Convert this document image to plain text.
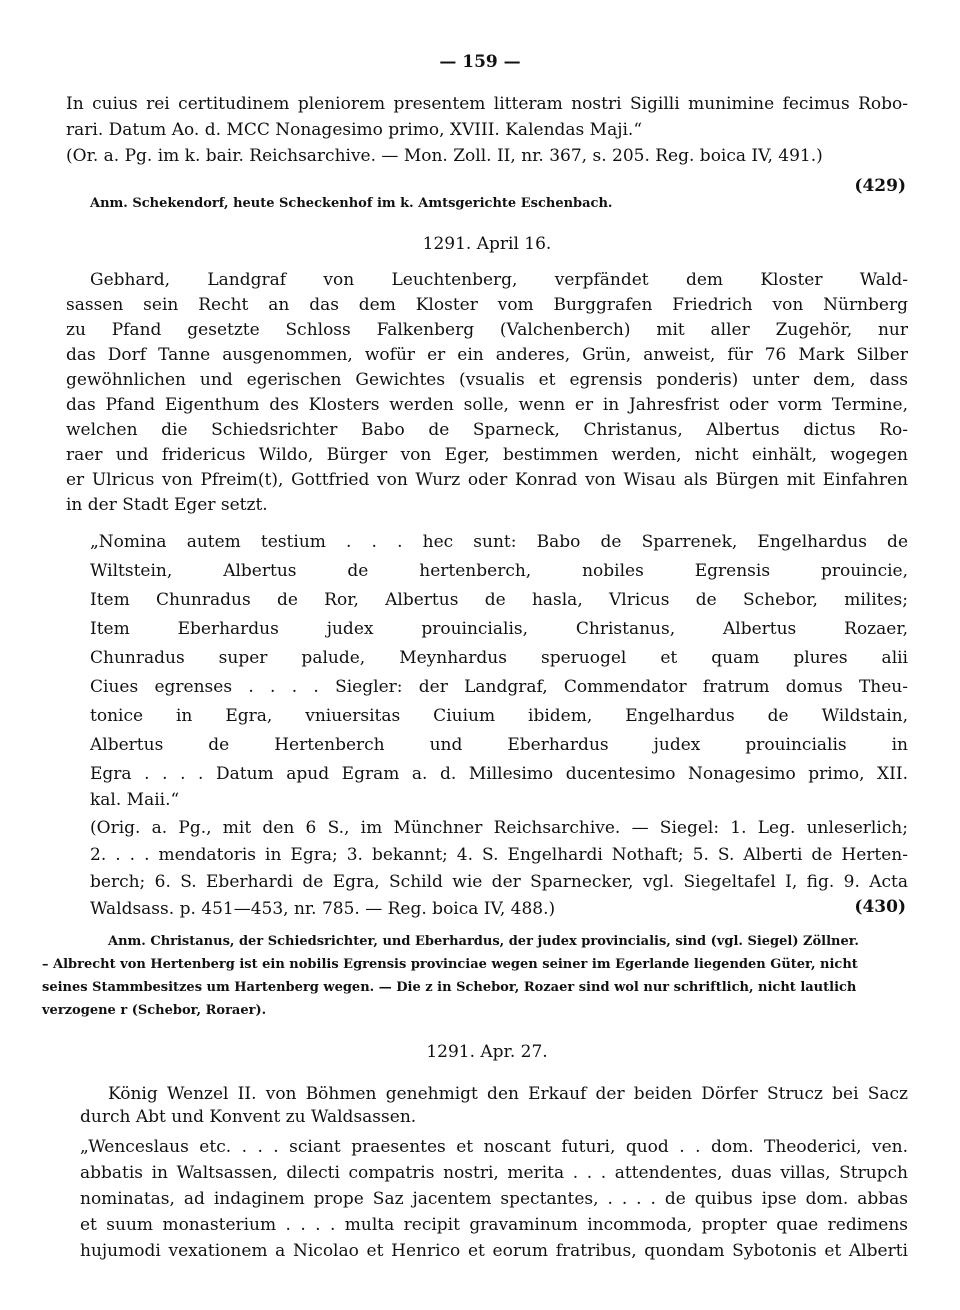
— 159 —

In cuius rei certitudinem pleniorem presentem litteram nostri Sigilli munimine fecimus Robo-

rari. Datum Ao. d. MCC Nonagesimo primo, XVIII. Kalendas Maji.“

(Or. a. Pg. im k. bair. Reichsarchive. — Mon. Zoll. II, nr. 367, s. 205. Reg. boica IV, 491.)

(429)

Anm. Schekendorf, heute Scheckenhof im k. Amtsgerichte Eschenbach.

1291. April 16.

Gebhard, Landgraf von Leuchtenberg, verpfändet dem Kloster Wald-

sassen sein Recht an das dem Kloster vom Burggrafen Friedrich von Nürnberg

zu Pfand gesetzte Schloss Falkenberg (Valchenberch) mit aller Zugehör, nur

das Dorf Tanne ausgenommen, wofür er ein anderes, Grün, anweist, für 76 Mark Silber

gewöhnlichen und egerischen Gewichtes (vsualis et egrensis ponderis) unter dem, dass

das Pfand Eigenthum des Klosters werden solle, wenn er in Jahresfrist oder vorm Termine,

welchen die Schiedsrichter Babo de Sparneck, Christanus, Albertus dictus Ro-

raer und fridericus Wildo, Bürger von Eger, bestimmen werden, nicht einhält, wogegen

er Ulricus von Pfreim(t), Gottfried von Wurz oder Konrad von Wisau als Bürgen mit Einfahren

in der Stadt Eger setzt.

„Nomina autem testium . . . hec sunt: Babo de Sparrenek, Engelhardus de

Wiltstein, Albertus de hertenberch, nobiles Egrensis prouincie,

Item Chunradus de Ror, Albertus de hasla, Vlricus de Schebor, milites;

Item Eberhardus judex prouincialis, Christanus, Albertus Rozaer,

Chunradus super palude, Meynhardus speruogel et quam plures alii

Ciues egrenses . . . . Siegler: der Landgraf, Commendator fratrum domus Theu-

tonice in Egra, vniuersitas Ciuium ibidem, Engelhardus de Wildstain,

Albertus de Hertenberch und Eberhardus judex prouincialis in

Egra . . . . Datum apud Egram a. d. Millesimo ducentesimo Nonagesimo primo, XII.

kal. Maii.“

(Orig. a. Pg., mit den 6 S., im Münchner Reichsarchive. — Siegel: 1. Leg. unleserlich;

2. . . . mendatoris in Egra; 3. bekannt; 4. S. Engelhardi Nothaft; 5. S. Alberti de Herten-

berch; 6. S. Eberhardi de Egra, Schild wie der Sparnecker, vgl. Siegeltafel I, fig. 9. Acta

Waldsass. p. 451—453, nr. 785. — Reg. boica IV, 488.)	(430)

Anm. Christanus, der Schiedsrichter, und Eberhardus, der judex provincialis, sind (vgl. Siegel) Zöllner.

– Albrecht von Hertenberg ist ein nobilis Egrensis provinciae wegen seiner im Egerlande liegenden Güter, nicht

seines Stammbesitzes um Hartenberg wegen. — Die z in Schebor, Rozaer sind wol nur schriftlich, nicht lautlich

verzogene r (Schebor, Roraer).

1291. Apr. 27.

König Wenzel II. von Böhmen genehmigt den Erkauf der beiden Dörfer Strucz bei Sacz

durch Abt und Konvent zu Waldsassen.

„Wenceslaus etc. . . . sciant praesentes et noscant futuri, quod . . dom. Theoderici, ven.

abbatis in Waltsassen, dilecti compatris nostri, merita . . . attendentes, duas villas, Strupch

nominatas, ad indaginem prope Saz jacentem spectantes, . . . . de quibus ipse dom. abbas

et suum monasterium . . . . multa recipit gravaminum incommoda, propter quae redimens

hujumodi vexationem a Nicolao et Henrico et eorum fratribus, quondam Sybotonis et Alberti
